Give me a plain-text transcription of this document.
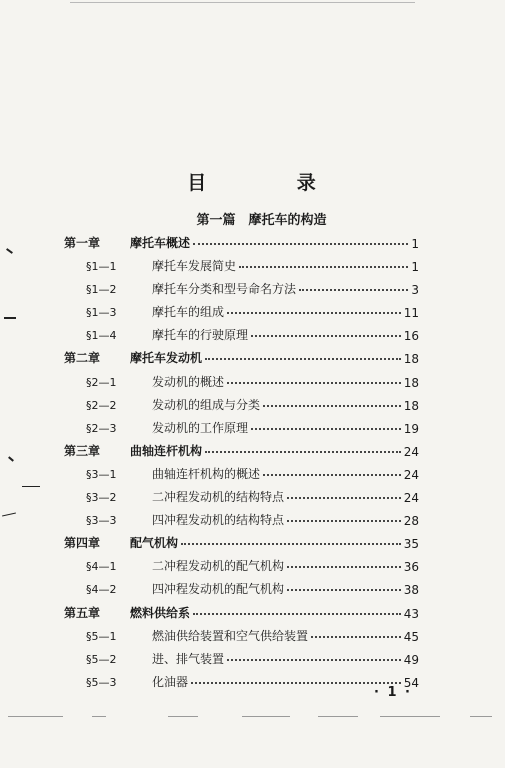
目 录
第一篇　摩托车的构造
第一章 摩托车概述	1
§1—1	摩托车发展简史	1
§1—2	摩托车分类和型号命名方法	3
§1—3	摩托车的组成	11
§1—4	摩托车的行驶原理	16
第二章 摩托车发动机	18
§2—1	发动机的概述	18
§2—2	发动机的组成与分类	18
§2—3	发动机的工作原理	19
第三章 曲轴连杆机构	24
§3—1	曲轴连杆机构的概述	24
§3—2	二冲程发动机的结构特点	24
§3—3	四冲程发动机的结构特点	28
第四章 配气机构	35
§4—1	二冲程发动机的配气机构	36
§4—2	四冲程发动机的配气机构	38
第五章 燃料供给系	43
§5—1	燃油供给装置和空气供给装置	45
§5—2	进、排气装置	49
§5—3	化油器	54
· 1 ·
